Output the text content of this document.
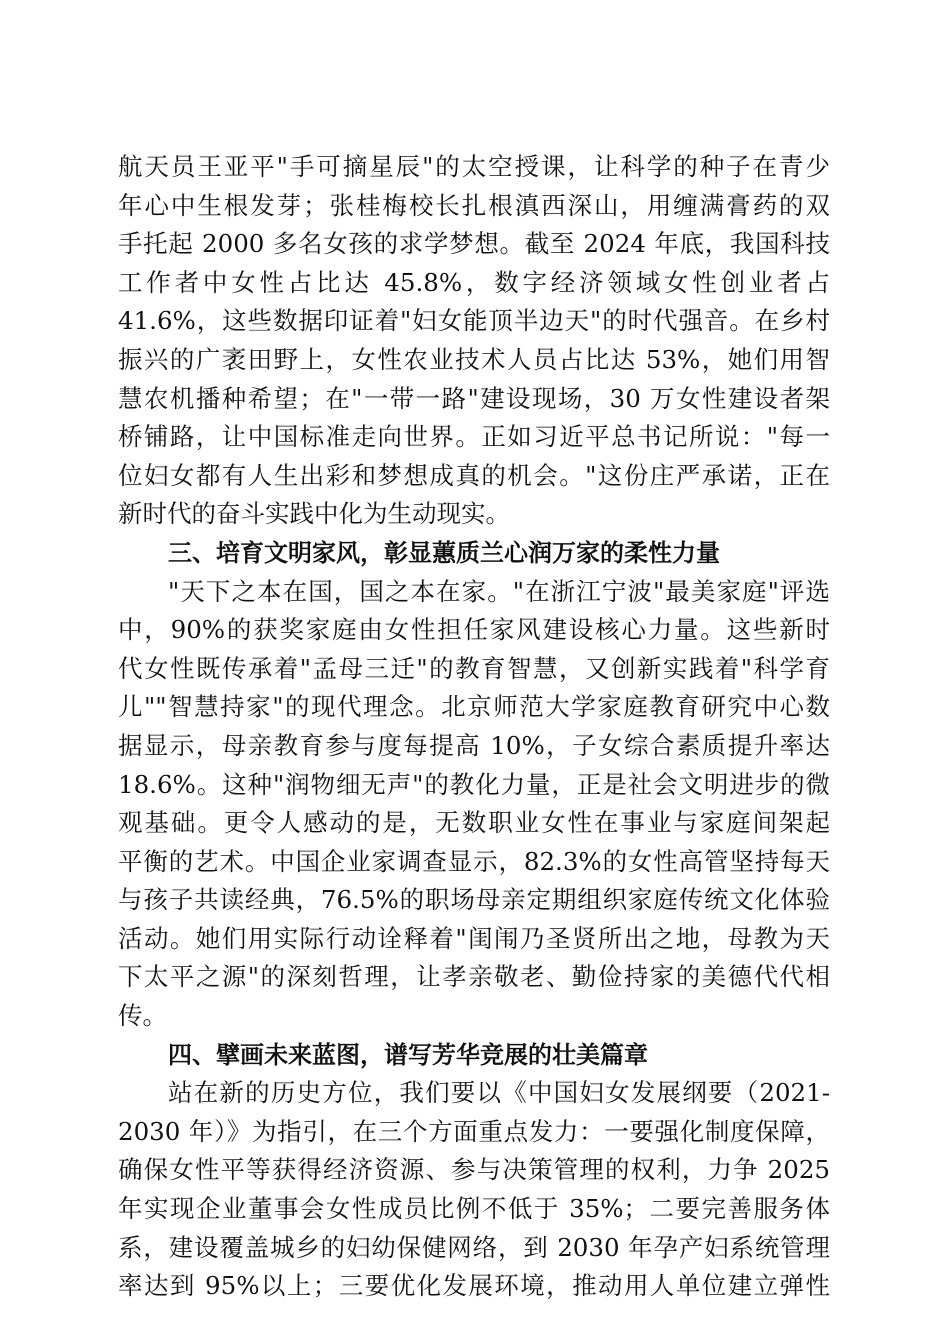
航天员王亚平"手可摘星辰"的太空授课，让科学的种子在青少
年心中生根发芽；张桂梅校长扎根滇西深山，用缠满膏药的双
手托起 2000 多名女孩的求学梦想。截至 2024 年底，我国科技
工作者中女性占比达 45.8%，数字经济领域女性创业者占
41.6%，这些数据印证着"妇女能顶半边天"的时代强音。在乡村
振兴的广袤田野上，女性农业技术人员占比达 53%，她们用智
慧农机播种希望；在"一带一路"建设现场，30 万女性建设者架
桥铺路，让中国标准走向世界。正如习近平总书记所说："每一
位妇女都有人生出彩和梦想成真的机会。"这份庄严承诺，正在
新时代的奋斗实践中化为生动现实。
三、培育文明家风，彰显蕙质兰心润万家的柔性力量
"天下之本在国，国之本在家。"在浙江宁波"最美家庭"评选
中，90%的获奖家庭由女性担任家风建设核心力量。这些新时
代女性既传承着"孟母三迁"的教育智慧，又创新实践着"科学育
儿""智慧持家"的现代理念。北京师范大学家庭教育研究中心数
据显示，母亲教育参与度每提高 10%，子女综合素质提升率达
18.6%。这种"润物细无声"的教化力量，正是社会文明进步的微
观基础。更令人感动的是，无数职业女性在事业与家庭间架起
平衡的艺术。中国企业家调查显示，82.3%的女性高管坚持每天
与孩子共读经典，76.5%的职场母亲定期组织家庭传统文化体验
活动。她们用实际行动诠释着"闺闱乃圣贤所出之地，母教为天
下太平之源"的深刻哲理，让孝亲敬老、勤俭持家的美德代代相
传。
四、擘画未来蓝图，谱写芳华竞展的壮美篇章
站在新的历史方位，我们要以《中国妇女发展纲要（2021-
2030 年）》为指引，在三个方面重点发力：一要强化制度保障，
确保女性平等获得经济资源、参与决策管理的权利，力争 2025
年实现企业董事会女性成员比例不低于 35%；二要完善服务体
系，建设覆盖城乡的妇幼保健网络，到 2030 年孕产妇系统管理
率达到 95%以上；三要优化发展环境，推动用人单位建立弹性
